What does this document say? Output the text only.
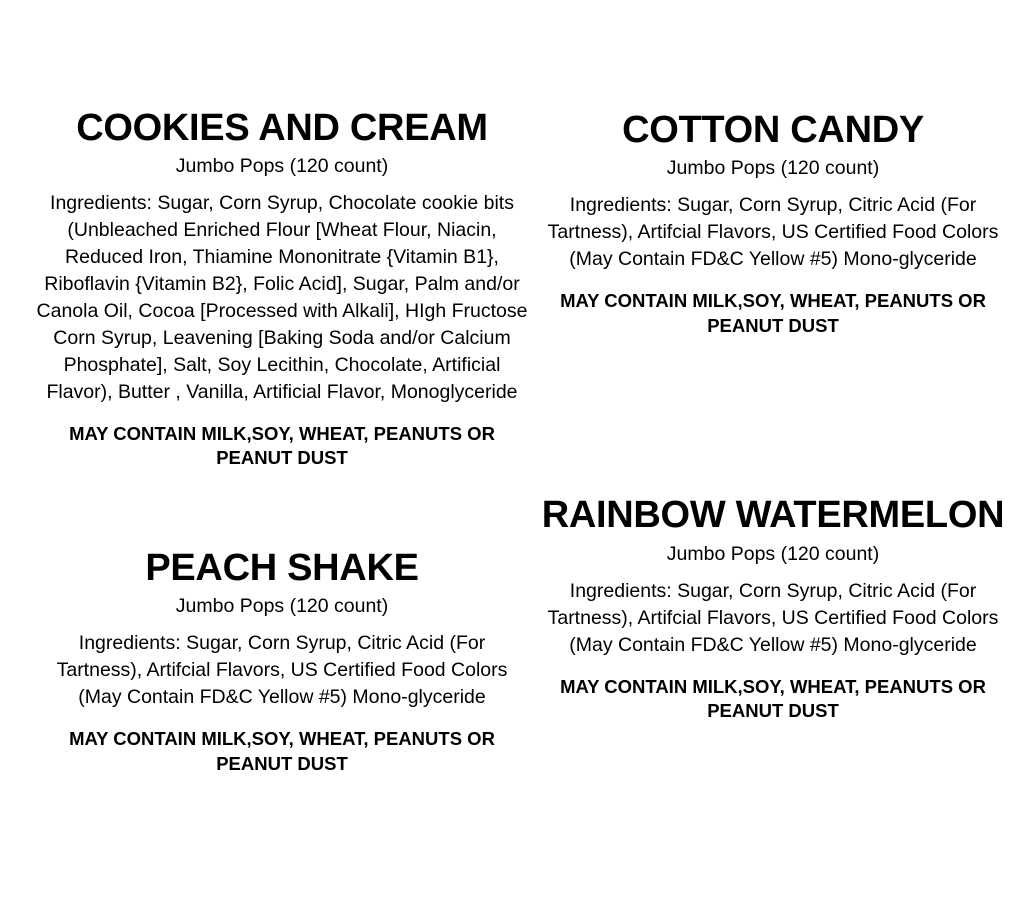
COOKIES AND CREAM

Jumbo Pops (120 count)

Ingredients: Sugar, Corn Syrup, Chocolate cookie bits (Unbleached Enriched Flour [Wheat Flour, Niacin, Reduced Iron, Thiamine Mononitrate {Vitamin B1}, Riboflavin {Vitamin B2}, Folic Acid], Sugar, Palm and/or Canola Oil, Cocoa [Processed with Alkali], HIgh Fructose Corn Syrup, Leavening [Baking Soda and/or Calcium Phosphate], Salt, Soy Lecithin, Chocolate, Artificial Flavor), Butter , Vanilla, Artificial Flavor, Monoglyceride

MAY CONTAIN MILK,SOY, WHEAT, PEANUTS OR PEANUT DUST

PEACH SHAKE

Jumbo Pops (120 count)

Ingredients: Sugar, Corn Syrup, Citric Acid (For Tartness), Artifcial Flavors, US Certified Food Colors (May Contain FD&C Yellow #5) Mono-glyceride

MAY CONTAIN MILK,SOY, WHEAT, PEANUTS OR PEANUT DUST

COTTON CANDY

Jumbo Pops (120 count)

Ingredients: Sugar, Corn Syrup, Citric Acid (For Tartness), Artifcial Flavors, US Certified Food Colors (May Contain FD&C Yellow #5) Mono-glyceride

MAY CONTAIN MILK,SOY, WHEAT, PEANUTS OR PEANUT DUST

RAINBOW WATERMELON

Jumbo Pops (120 count)

Ingredients: Sugar, Corn Syrup, Citric Acid (For Tartness), Artifcial Flavors, US Certified Food Colors (May Contain FD&C Yellow #5) Mono-glyceride

MAY CONTAIN MILK,SOY, WHEAT, PEANUTS OR PEANUT DUST
